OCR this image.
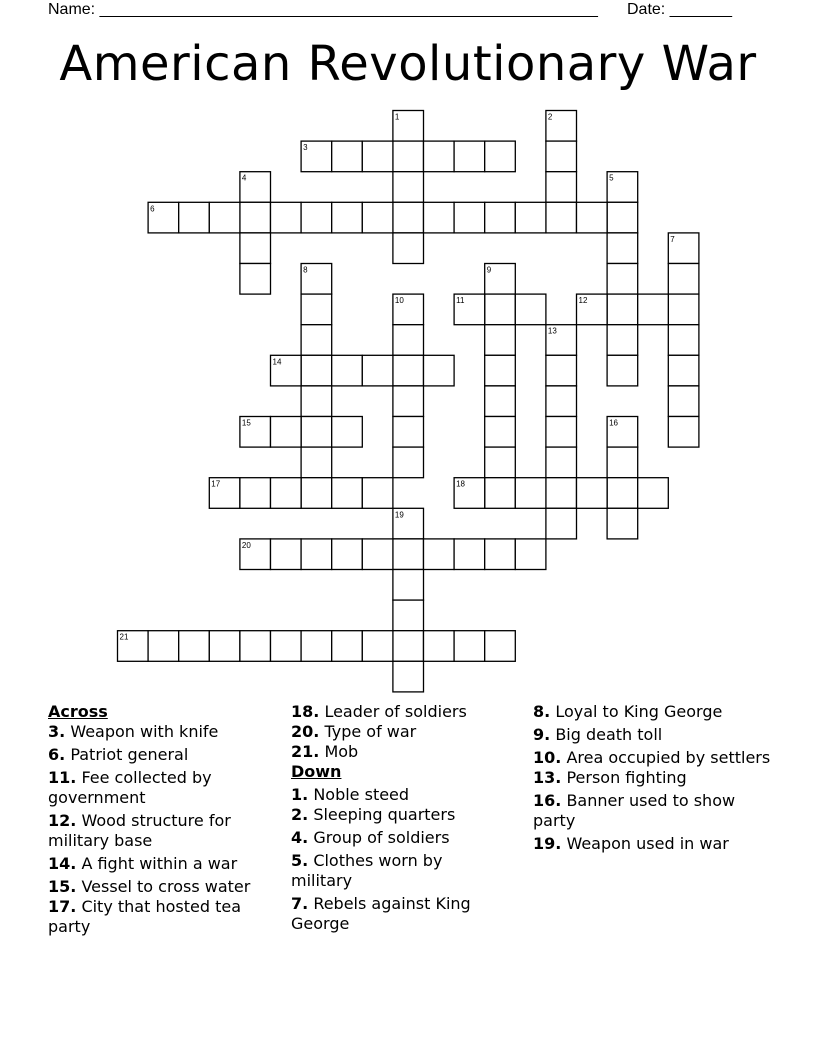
Name: ________________________________________________________ Date: _______
American Revolutionary War
1	2
3
4	5
6
7
8	9
10	11	12
13
14
15	16
17	18
19
20
21
Across
3. Weapon with knife
6. Patriot general
11. Fee collected by government
12. Wood structure for military base
14. A fight within a war
15. Vessel to cross water
17. City that hosted tea party
18. Leader of soldiers
20. Type of war
21. Mob
Down
1. Noble steed
2. Sleeping quarters
4. Group of soldiers
5. Clothes worn by military
7. Rebels against King George
8. Loyal to King George
9. Big death toll
10. Area occupied by settlers
13. Person fighting
16. Banner used to show party
19. Weapon used in war
